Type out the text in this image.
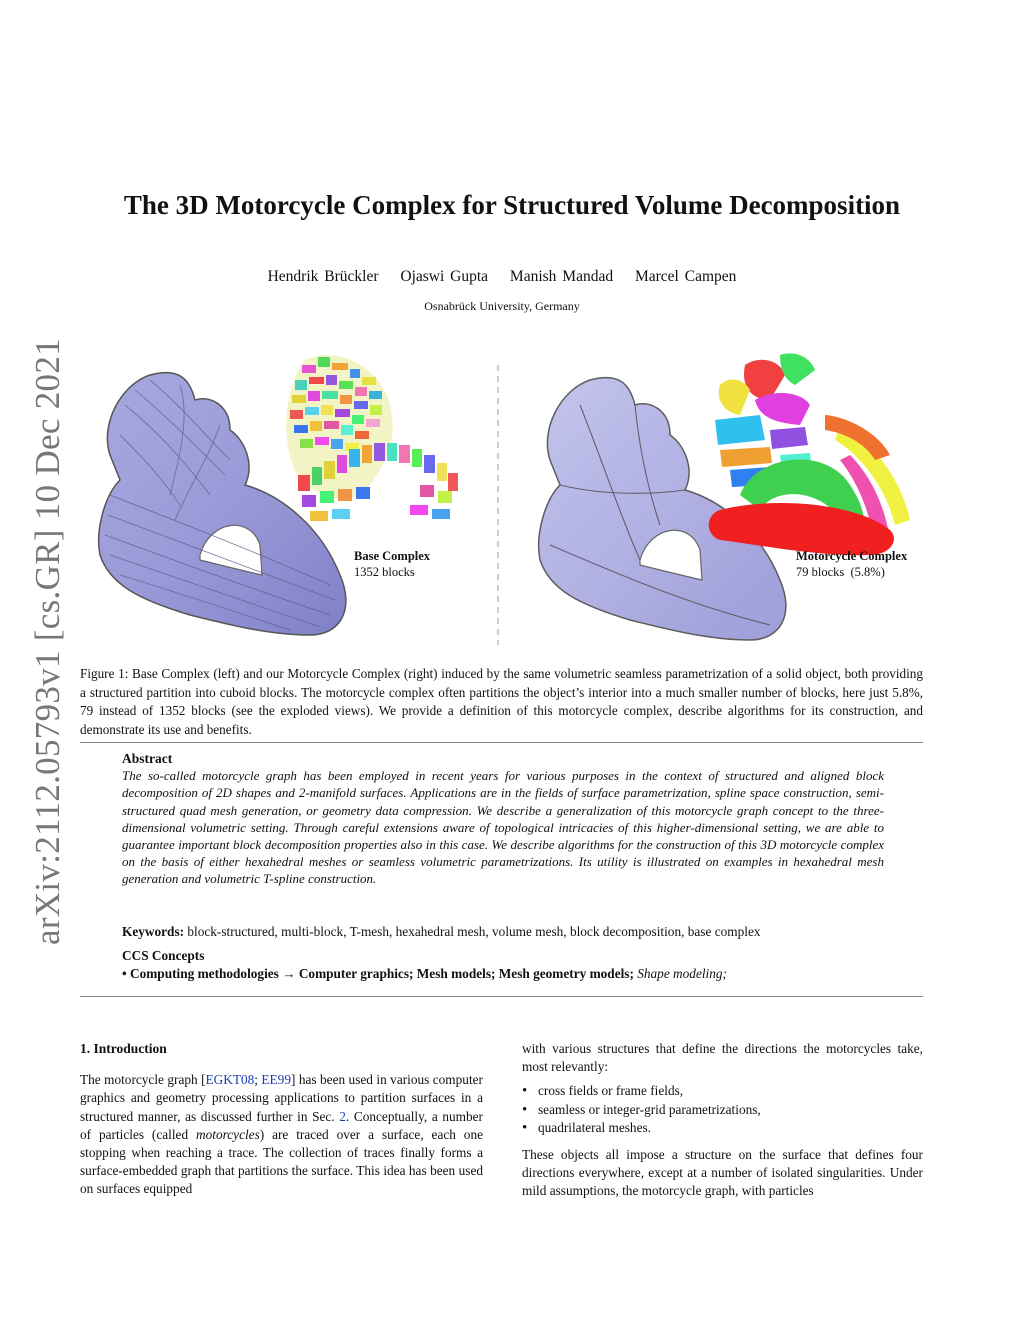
arXiv:2112.05793v1 [cs.GR] 10 Dec 2021
The 3D Motorcycle Complex for Structured Volume Decomposition
Hendrik Brückler Ojaswi Gupta Manish Mandad Marcel Campen
Osnabrück University, Germany
Base Complex
1352 blocks
Motorcycle Complex
79 blocks  (5.8%)

Figure 1: Base Complex (left) and our Motorcycle Complex (right) induced by the same volumetric seamless parametrization of a solid object, both providing a structured partition into cuboid blocks. The motorcycle complex often partitions the object’s interior into a much smaller number of blocks, here just 5.8%, 79 instead of 1352 blocks (see the exploded views). We provide a definition of this motorcycle complex, describe algorithms for its construction, and demonstrate its use and benefits.

Abstract

The so-called motorcycle graph has been employed in recent years for various purposes in the context of structured and aligned block decomposition of 2D shapes and 2-manifold surfaces. Applications are in the fields of surface parametrization, spline space construction, semi-structured quad mesh generation, or geometry data compression. We describe a generalization of this motorcycle graph concept to the three-dimensional volumetric setting. Through careful extensions aware of topological intricacies of this higher-dimensional setting, we are able to guarantee important block decomposition properties also in this case. We describe algorithms for the construction of this 3D motorcycle complex on the basis of either hexahedral meshes or seamless volumetric parametrizations. Its utility is illustrated on examples in hexahedral mesh generation and volumetric T-spline construction.

Keywords: block-structured, multi-block, T-mesh, hexahedral mesh, volume mesh, block decomposition, base complex
CCS Concepts
• Computing methodologies → Computer graphics; Mesh models; Mesh geometry models; Shape modeling;
1. Introduction

The motorcycle graph [EGKT08; EE99] has been used in various computer graphics and geometry processing applications to partition surfaces in a structured manner, as discussed further in Sec. 2. Conceptually, a number of particles (called motorcycles) are traced over a surface, each one stopping when reaching a trace. The collection of traces finally forms a surface-embedded graph that partitions the surface. This idea has been used on surfaces equipped

with various structures that define the directions the motorcycles take, most relevantly:

• cross fields or frame fields,
• seamless or integer-grid parametrizations,
• quadrilateral meshes.

These objects all impose a structure on the surface that defines four directions everywhere, except at a number of isolated singularities. Under mild assumptions, the motorcycle graph, with particles
